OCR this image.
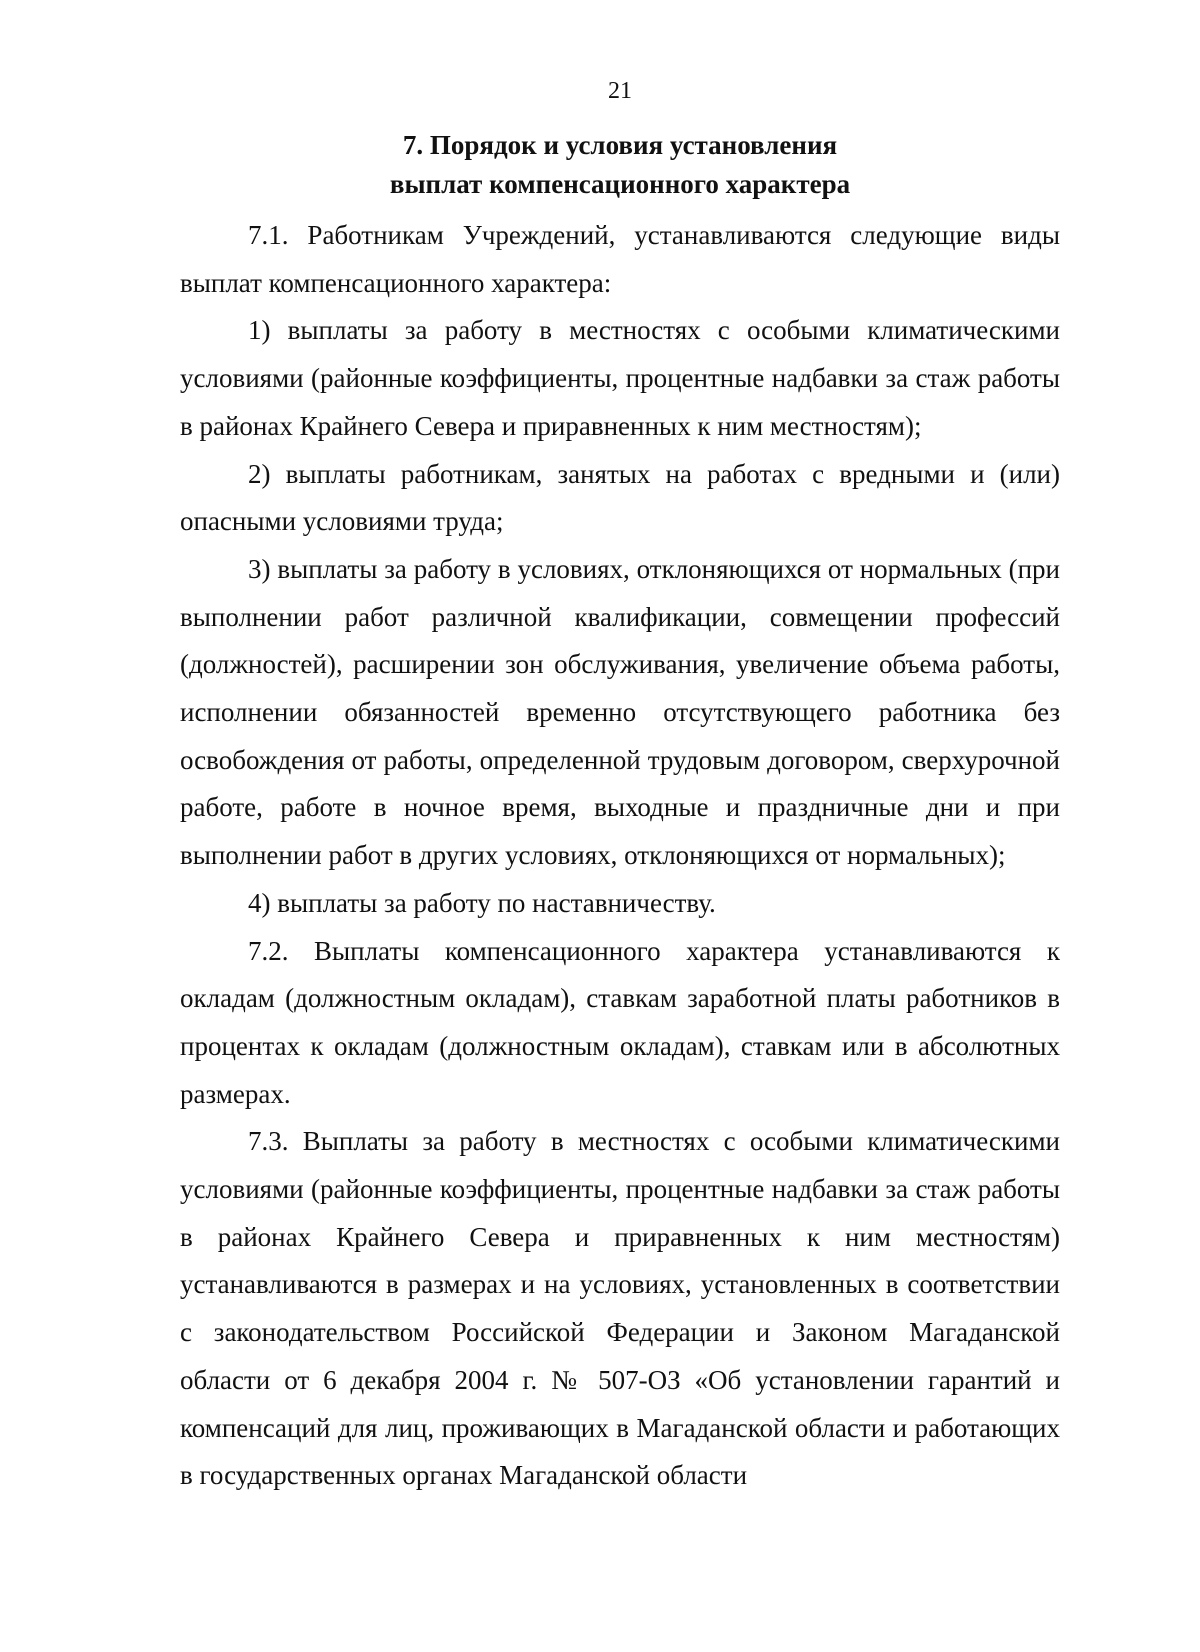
21
7. Порядок и условия установления
выплат компенсационного характера

7.1. Работникам Учреждений, устанавливаются следующие виды выплат компенсационного характера:

1) выплаты за работу в местностях с особыми климатическими условиями (районные коэффициенты, процентные надбавки за стаж работы в районах Крайнего Севера и приравненных к ним местностям);

2) выплаты работникам, занятых на работах с вредными и (или) опасными условиями труда;

3) выплаты за работу в условиях, отклоняющихся от нормальных (при выполнении работ различной квалификации, совмещении профессий (должностей), расширении зон обслуживания, увеличение объема работы, исполнении обязанностей временно отсутствующего работника без освобождения от работы, определенной трудовым договором, сверхурочной работе, работе в ночное время, выходные и праздничные дни и при выполнении работ в других условиях, отклоняющихся от нормальных);

4) выплаты за работу по наставничеству.

7.2. Выплаты компенсационного характера устанавливаются к окладам (должностным окладам), ставкам заработной платы работников в процентах к окладам (должностным окладам), ставкам или в абсолютных размерах.

7.3. Выплаты за работу в местностях с особыми климатическими условиями (районные коэффициенты, процентные надбавки за стаж работы в районах Крайнего Севера и приравненных к ним местностям) устанавливаются в размерах и на условиях, установленных в соответствии с законодательством Российской Федерации и Законом Магаданской области от 6 декабря 2004 г. № 507-ОЗ «Об установлении гарантий и компенсаций для лиц, проживающих в Магаданской области и работающих в государственных органах Магаданской области
